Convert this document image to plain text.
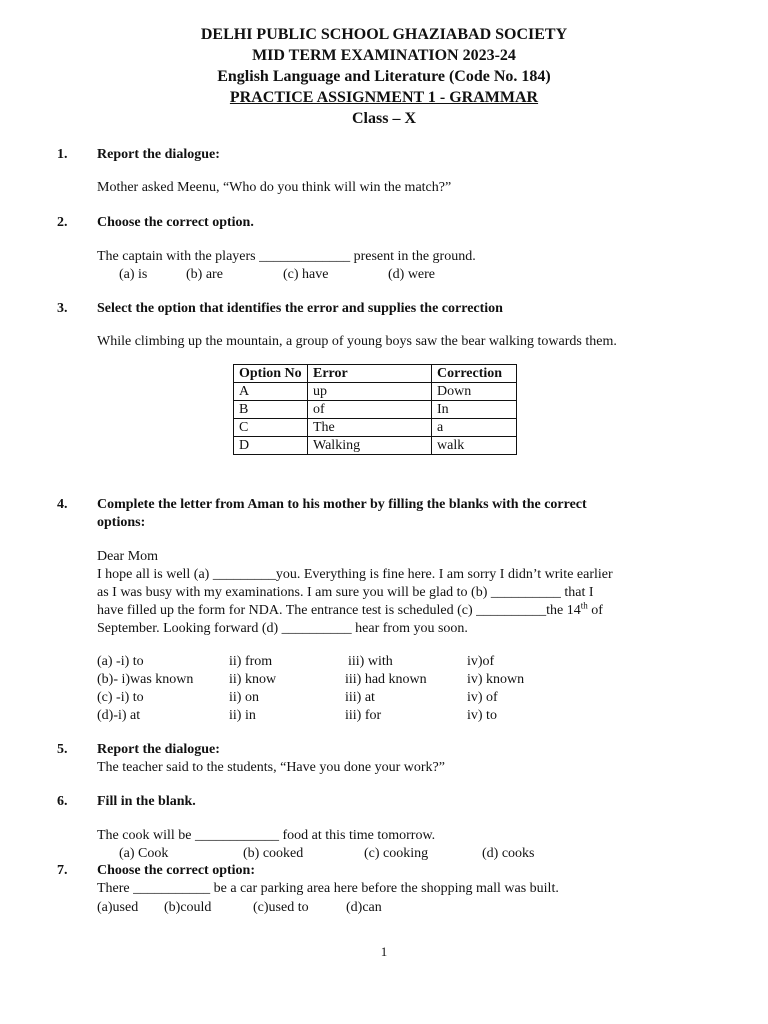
DELHI PUBLIC SCHOOL GHAZIABAD SOCIETY
MID TERM EXAMINATION 2023-24
English Language and Literature (Code No. 184)
PRACTICE ASSIGNMENT 1 - GRAMMAR
Class – X
1. Report the dialogue:
Mother asked Meenu, “Who do you think will win the match?”
2. Choose the correct option.
The captain with the players _____________ present in the ground.
(a) is	(b) are	(c) have	(d) were
3. Select the option that identifies the error and supplies the correction
While climbing up the mountain, a group of young boys saw the bear walking towards them.
Option No	Error	Correction
A	up	Down
B	of	In
C	The	a
D	Walking	walk
4. Complete the letter from Aman to his mother by filling the blanks with the correct
options:
Dear Mom
I hope all is well (a) _________you. Everything is fine here. I am sorry I didn’t write earlier
as I was busy with my examinations. I am sure you will be glad to (b) __________ that I
have filled up the form for NDA. The entrance test is scheduled (c) __________the 14th of
September. Looking forward (d) __________ hear from you soon.
(a) -i) to	ii) from	iii) with	iv)of
(b)- i)was known	ii) know	iii) had known	iv) known
(c) -i) to	ii) on	iii) at	iv) of
(d)-i) at	ii) in	iii) for	iv) to
5. Report the dialogue:
The teacher said to the students, “Have you done your work?”
6. Fill in the blank.
The cook will be ____________ food at this time tomorrow.
(a) Cook	(b) cooked	(c) cooking	(d) cooks
7. Choose the correct option:
There ___________ be a car parking area here before the shopping mall was built.
(a)used (b)could	(c)used to	(d)can
1
